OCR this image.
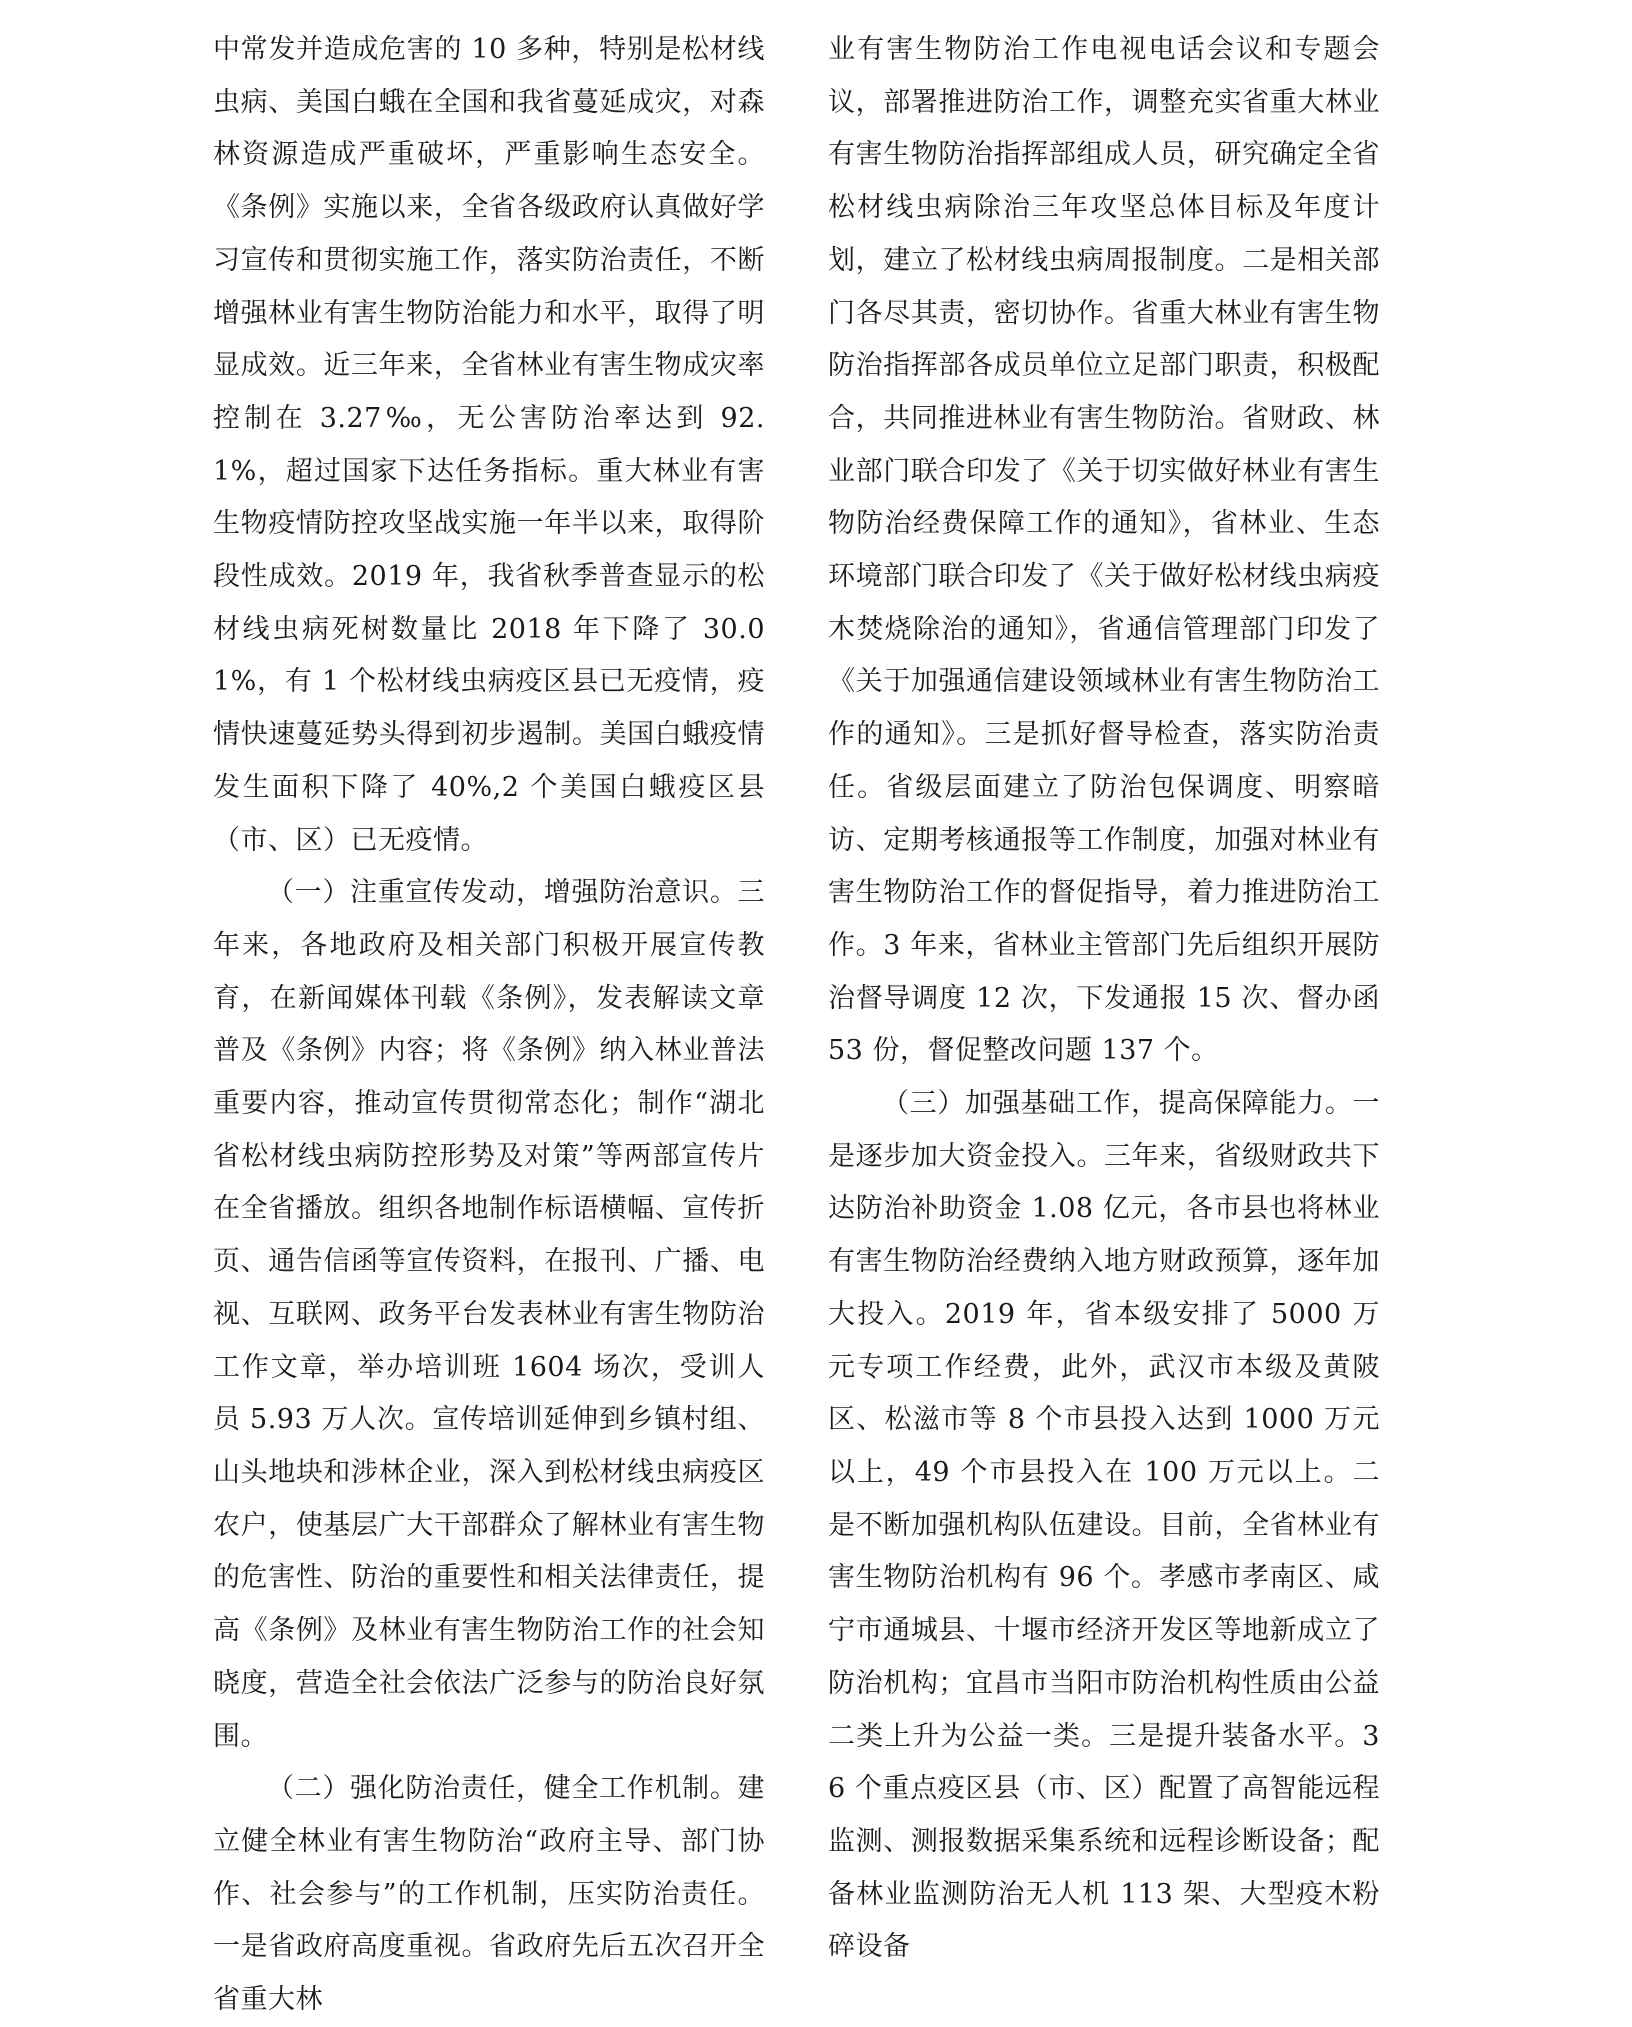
中常发并造成危害的 10 多种，特别是松材线虫病、美国白蛾在全国和我省蔓延成灾，对森林资源造成严重破坏，严重影响生态安全。《条例》实施以来，全省各级政府认真做好学习宣传和贯彻实施工作，落实防治责任，不断增强林业有害生物防治能力和水平，取得了明显成效。近三年来，全省林业有害生物成灾率控制在 3.27‰，无公害防治率达到 92.1%，超过国家下达任务指标。重大林业有害生物疫情防控攻坚战实施一年半以来，取得阶段性成效。2019 年，我省秋季普查显示的松材线虫病死树数量比 2018 年下降了 30.01%，有 1 个松材线虫病疫区县已无疫情，疫情快速蔓延势头得到初步遏制。美国白蛾疫情发生面积下降了 40%,2 个美国白蛾疫区县（市、区）已无疫情。

（一）注重宣传发动，增强防治意识。三年来，各地政府及相关部门积极开展宣传教育，在新闻媒体刊载《条例》，发表解读文章普及《条例》内容；将《条例》纳入林业普法重要内容，推动宣传贯彻常态化；制作“湖北省松材线虫病防控形势及对策”等两部宣传片在全省播放。组织各地制作标语横幅、宣传折页、通告信函等宣传资料，在报刊、广播、电视、互联网、政务平台发表林业有害生物防治工作文章，举办培训班 1604 场次，受训人员 5.93 万人次。宣传培训延伸到乡镇村组、山头地块和涉林企业，深入到松材线虫病疫区农户，使基层广大干部群众了解林业有害生物的危害性、防治的重要性和相关法律责任，提高《条例》及林业有害生物防治工作的社会知晓度，营造全社会依法广泛参与的防治良好氛围。

（二）强化防治责任，健全工作机制。建立健全林业有害生物防治“政府主导、部门协作、社会参与”的工作机制，压实防治责任。一是省政府高度重视。省政府先后五次召开全省重大林

业有害生物防治工作电视电话会议和专题会议，部署推进防治工作，调整充实省重大林业有害生物防治指挥部组成人员，研究确定全省松材线虫病除治三年攻坚总体目标及年度计划，建立了松材线虫病周报制度。二是相关部门各尽其责，密切协作。省重大林业有害生物防治指挥部各成员单位立足部门职责，积极配合，共同推进林业有害生物防治。省财政、林业部门联合印发了《关于切实做好林业有害生物防治经费保障工作的通知》，省林业、生态环境部门联合印发了《关于做好松材线虫病疫木焚烧除治的通知》，省通信管理部门印发了《关于加强通信建设领域林业有害生物防治工作的通知》。三是抓好督导检查，落实防治责任。省级层面建立了防治包保调度、明察暗访、定期考核通报等工作制度，加强对林业有害生物防治工作的督促指导，着力推进防治工作。3 年来，省林业主管部门先后组织开展防治督导调度 12 次，下发通报 15 次、督办函 53 份，督促整改问题 137 个。

（三）加强基础工作，提高保障能力。一是逐步加大资金投入。三年来，省级财政共下达防治补助资金 1.08 亿元，各市县也将林业有害生物防治经费纳入地方财政预算，逐年加大投入。2019 年，省本级安排了 5000 万元专项工作经费，此外，武汉市本级及黄陂区、松滋市等 8 个市县投入达到 1000 万元以上，49 个市县投入在 100 万元以上。二是不断加强机构队伍建设。目前，全省林业有害生物防治机构有 96 个。孝感市孝南区、咸宁市通城县、十堰市经济开发区等地新成立了防治机构；宜昌市当阳市防治机构性质由公益二类上升为公益一类。三是提升装备水平。36 个重点疫区县（市、区）配置了高智能远程监测、测报数据采集系统和远程诊断设备；配备林业监测防治无人机 113 架、大型疫木粉碎设备
